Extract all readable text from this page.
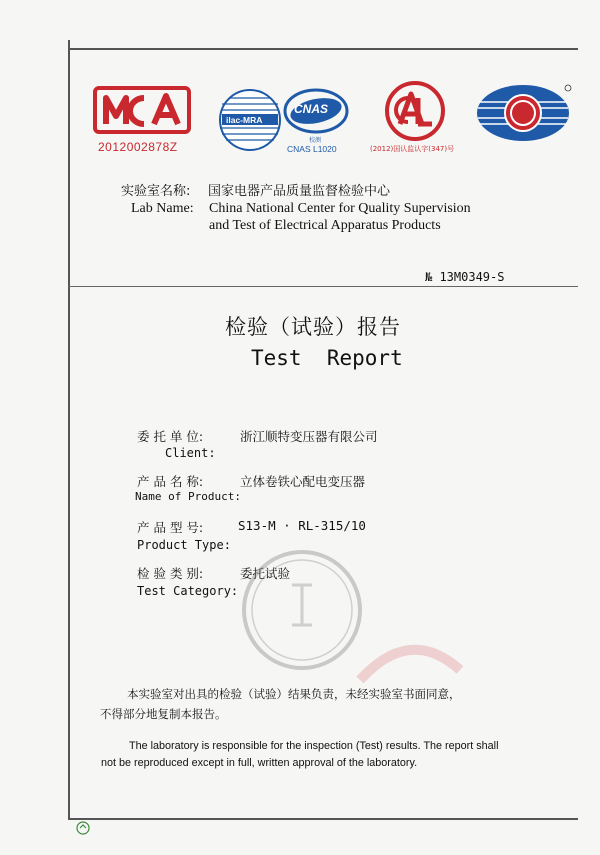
2012002878Z
ilac-MRA
CNAS
校测
CNAS L1020	(2012)国认监认字(347)号
实验室名称: 国家电器产品质量监督检验中心
Lab Name: China National Center for Quality Supervision
and Test of Electrical Apparatus Products
№ 13M0349-S
检验（试验）报告
Test  Report
委 托 单 位:	浙江顺特变压器有限公司
Client:
产 品 名 称:	立体卷铁心配电变压器
Name of Product:
产 品 型 号:	S13-M · RL-315/10
Product Type:
检 验 类 别:	委托试验
Test Category:
本实验室对出具的检验（试验）结果负责，未经实验室书面同意，
不得部分地复制本报告。
The laboratory is responsible for the inspection (Test) results. The report shall
not be reproduced except in full, written approval of the laboratory.
